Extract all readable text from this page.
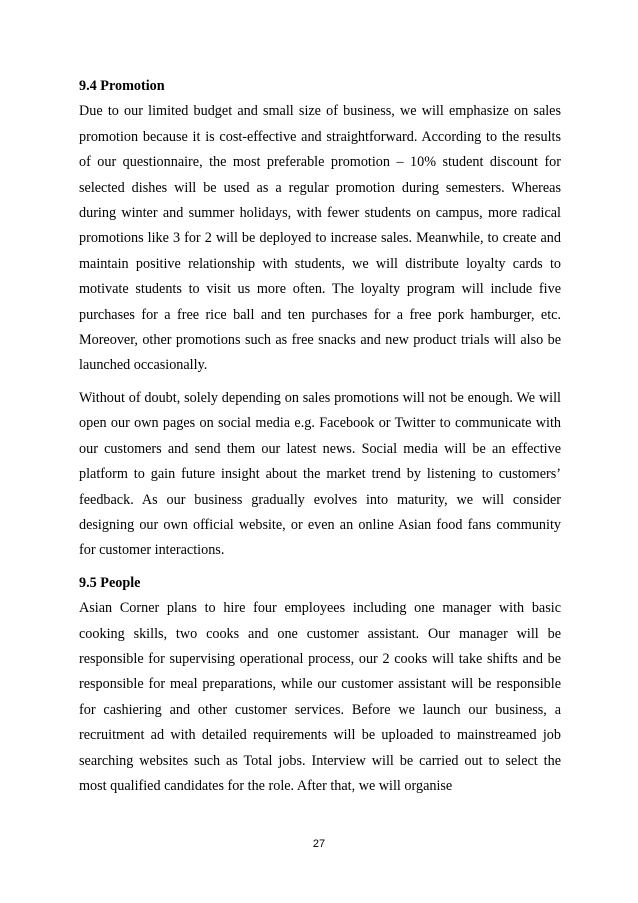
9.4 Promotion

Due to our limited budget and small size of business, we will emphasize on sales promotion because it is cost-effective and straightforward. According to the results of our questionnaire, the most preferable promotion – 10% student discount for selected dishes will be used as a regular promotion during semesters. Whereas during winter and summer holidays, with fewer students on campus, more radical promotions like 3 for 2 will be deployed to increase sales. Meanwhile, to create and maintain positive relationship with students, we will distribute loyalty cards to motivate students to visit us more often. The loyalty program will include five purchases for a free rice ball and ten purchases for a free pork hamburger, etc. Moreover, other promotions such as free snacks and new product trials will also be launched occasionally.

Without of doubt, solely depending on sales promotions will not be enough. We will open our own pages on social media e.g. Facebook or Twitter to communicate with our customers and send them our latest news. Social media will be an effective platform to gain future insight about the market trend by listening to customers’ feedback. As our business gradually evolves into maturity, we will consider designing our own official website, or even an online Asian food fans community for customer interactions.

9.5 People

Asian Corner plans to hire four employees including one manager with basic cooking skills, two cooks and one customer assistant. Our manager will be responsible for supervising operational process, our 2 cooks will take shifts and be responsible for meal preparations, while our customer assistant will be responsible for cashiering and other customer services. Before we launch our business, a recruitment ad with detailed requirements will be uploaded to mainstreamed job searching websites such as Total jobs. Interview will be carried out to select the most qualified candidates for the role. After that, we will organise

27
